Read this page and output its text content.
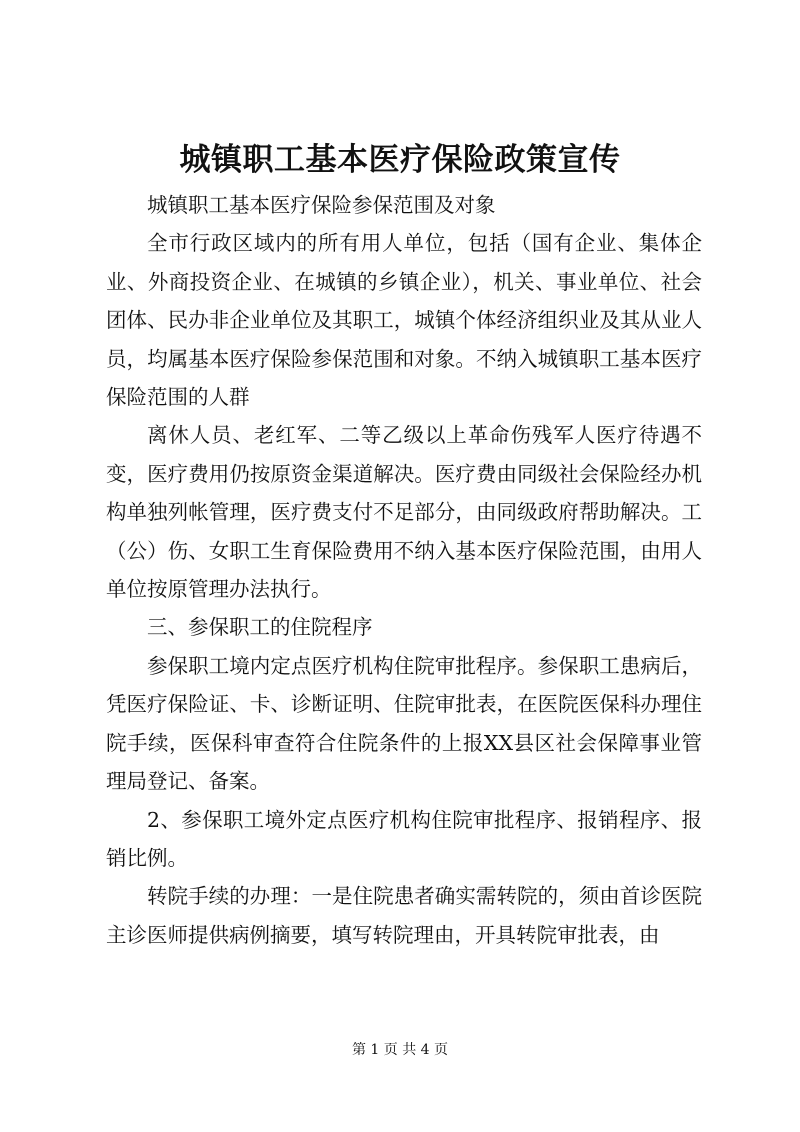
城镇职工基本医疗保险政策宣传

城镇职工基本医疗保险参保范围及对象

全市行政区域内的所有用人单位，包括（国有企业、集体企业、外商投资企业、在城镇的乡镇企业），机关、事业单位、社会团体、民办非企业单位及其职工，城镇个体经济组织业及其从业人员，均属基本医疗保险参保范围和对象。不纳入城镇职工基本医疗保险范围的人群

离休人员、老红军、二等乙级以上革命伤残军人医疗待遇不变，医疗费用仍按原资金渠道解决。医疗费由同级社会保险经办机构单独列帐管理，医疗费支付不足部分，由同级政府帮助解决。工（公）伤、女职工生育保险费用不纳入基本医疗保险范围，由用人单位按原管理办法执行。

三、参保职工的住院程序

参保职工境内定点医疗机构住院审批程序。参保职工患病后，凭医疗保险证、卡、诊断证明、住院审批表，在医院医保科办理住院手续，医保科审查符合住院条件的上报XX县区社会保障事业管理局登记、备案。

2、参保职工境外定点医疗机构住院审批程序、报销程序、报销比例。

转院手续的办理：一是住院患者确实需转院的，须由首诊医院主诊医师提供病例摘要，填写转院理由，开具转院审批表，由

第 1 页 共 4 页
